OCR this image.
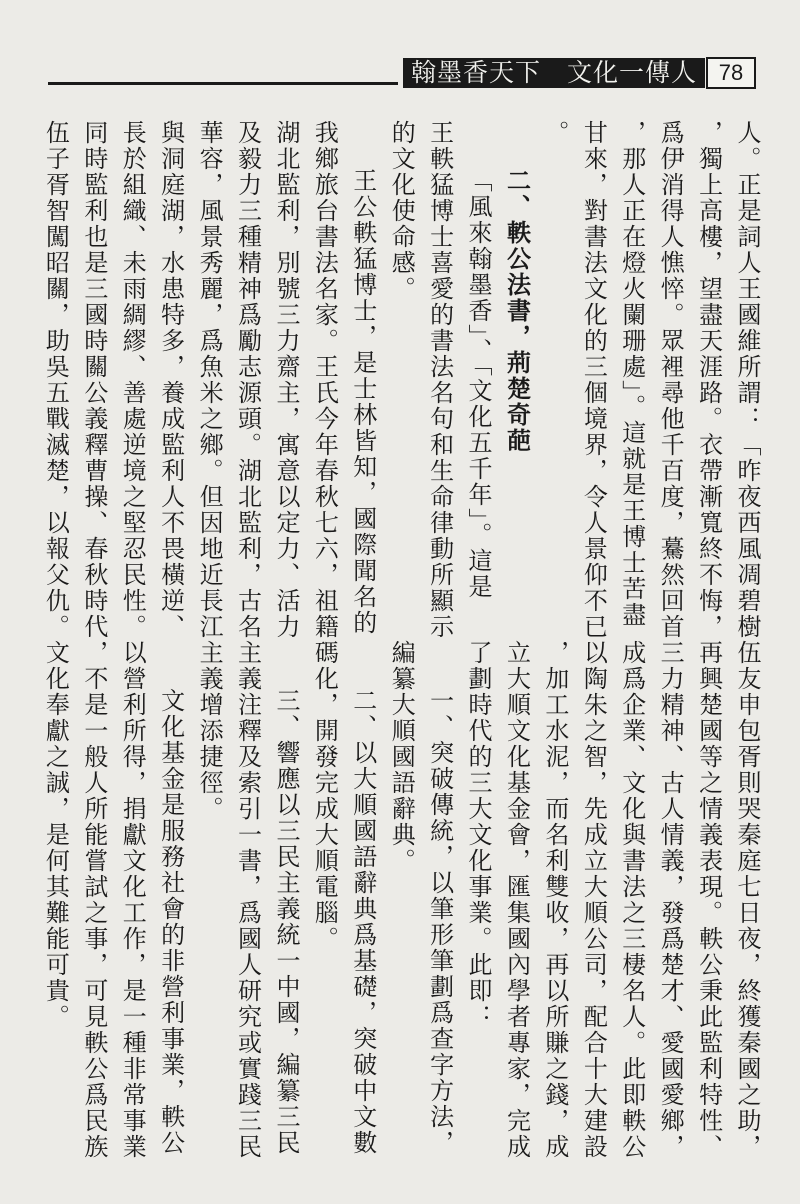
翰墨香天下　文化一傳人 78
人。正是詞人王國維所謂：「昨夜西風凋碧樹
，獨上高樓，望盡天涯路。衣帶漸寬終不悔，
爲伊消得人憔悴。眾裡尋他千百度，驀然回首
，那人正在燈火闌珊處」。這就是王博士苦盡
甘來，對書法文化的三個境界，令人景仰不已
。
二、軼公法書，荊楚奇葩
「風來翰墨香」、「文化五千年」。這是
王軼猛博士喜愛的書法名句和生命律動所顯示
的文化使命感。
王公軼猛博士，是士林皆知，國際聞名的
我鄉旅台書法名家。王氏今年春秋七六，祖籍
湖北監利，別號三力齋主，寓意以定力、活力
及毅力三種精神爲勵志源頭。湖北監利，古名
華容，風景秀麗，爲魚米之鄉。但因地近長江
與洞庭湖，水患特多，養成監利人不畏橫逆、
長於組織、未雨綢繆、善處逆境之堅忍民性。
同時監利也是三國時關公義釋曹操、春秋時代
伍子胥智闖昭關，助吳五戰滅楚，以報父仇。
伍友申包胥則哭秦庭七日夜，終獲秦國之助，
再興楚國等之情義表現。軼公秉此監利特性、
三力精神、古人情義，發爲楚才、愛國愛鄉，
成爲企業、文化與書法之三棲名人。此即軼公
以陶朱之智，先成立大順公司，配合十大建設
，加工水泥，而名利雙收，再以所賺之錢，成
立大順文化基金會，匯集國內學者專家，完成
了劃時代的三大文化事業。此即：
一、突破傳統，以筆形筆劃爲查字方法，
編纂大順國語辭典。
二、以大順國語辭典爲基礎，突破中文數
碼化，開發完成大順電腦。
三、響應以三民主義統一中國，編纂三民
主義注釋及索引一書，爲國人研究或實踐三民
主義增添捷徑。
文化基金是服務社會的非營利事業，軼公
以營利所得，捐獻文化工作，是一種非常事業
，不是一般人所能嘗試之事，可見軼公爲民族
文化奉獻之誠，是何其難能可貴。
